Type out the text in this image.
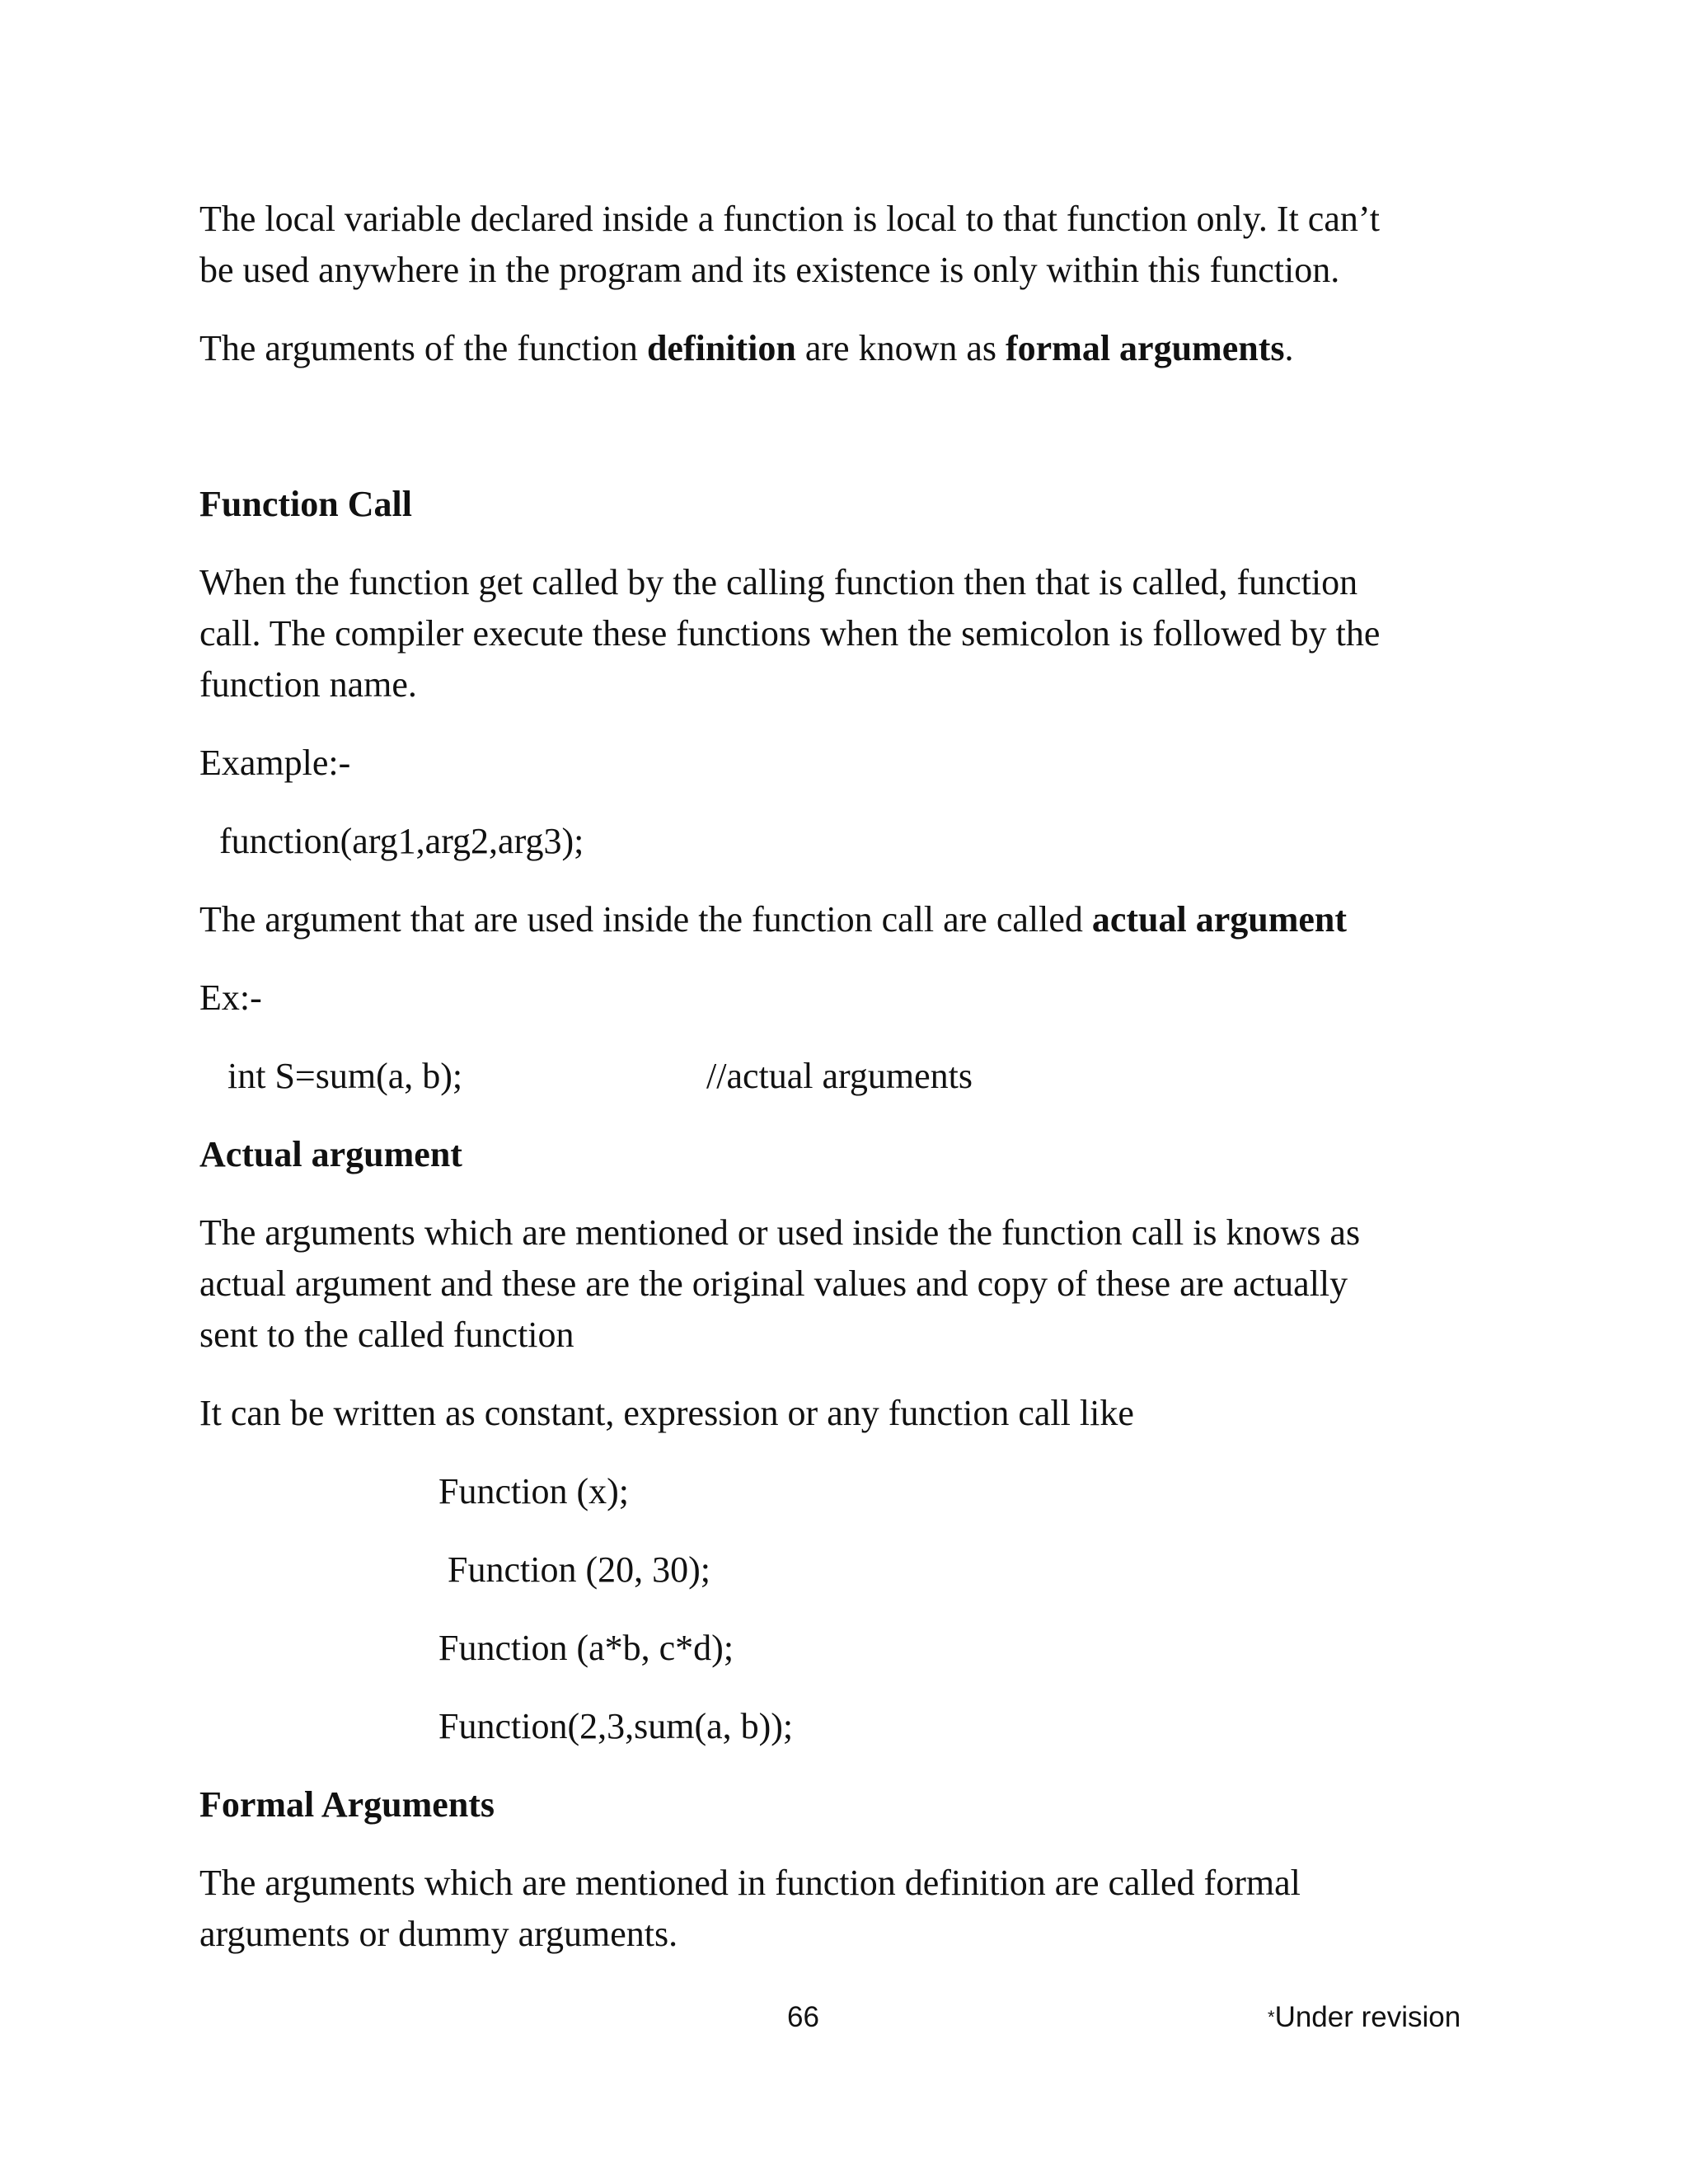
The local variable declared inside a function is local to that function only. It can’t

be used anywhere in the program and its existence is only within this function.

The arguments of the function definition are known as formal arguments.

Function Call

When the function get called by the calling function then that is called, function

call. The compiler execute these functions when the semicolon is followed by the

function name.

Example:-

function(arg1,arg2,arg3);

The argument that are used inside the function call are called actual argument

Ex:-

int S=sum(a, b);	//actual arguments

Actual argument

The arguments which are mentioned or used inside the function call is knows as

actual argument and these are the original values and copy of these are actually

sent to the called function

It can be written as constant, expression or any function call like

Function (x);

Function (20, 30);

Function (a*b, c*d);

Function(2,3,sum(a, b));

Formal Arguments

The arguments which are mentioned in function definition are called formal

arguments or dummy arguments.

66	*Under revision
